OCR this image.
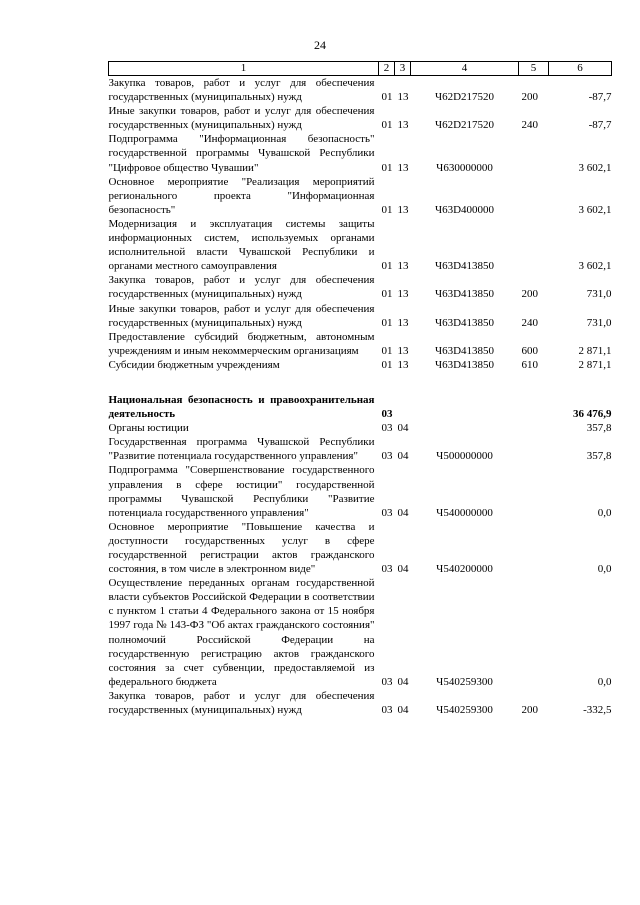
24
1	2	3	4	5	6
Закупка товаров, работ и услуг для обеспечения государственных (муниципальных) нужд	01	13	Ч62D217520	200	-87,7
Иные закупки товаров, работ и услуг для обеспечения государственных (муниципальных) нужд	01	13	Ч62D217520	240	-87,7
Подпрограмма "Информационная безопасность" государственной программы Чувашской Республики "Цифровое общество Чувашии"	01	13	Ч630000000		3 602,1
Основное мероприятие "Реализация мероприятий регионального проекта "Информационная безопасность"	01	13	Ч63D400000		3 602,1
Модернизация и эксплуатация системы защиты информационных систем, используемых органами исполнительной власти Чувашской Республики и органами местного самоуправления	01	13	Ч63D413850		3 602,1
Закупка товаров, работ и услуг для обеспечения государственных (муниципальных) нужд	01	13	Ч63D413850	200	731,0
Иные закупки товаров, работ и услуг для обеспечения государственных (муниципальных) нужд	01	13	Ч63D413850	240	731,0
Предоставление субсидий бюджетным, автономным учреждениям и иным некоммерческим организациям	01	13	Ч63D413850	600	2 871,1
Субсидии бюджетным учреждениям	01	13	Ч63D413850	610	2 871,1

Национальная безопасность и правоохранительная деятельность	03				36 476,9
Органы юстиции	03	04			357,8
Государственная программа Чувашской Республики "Развитие потенциала государственного управления"	03	04	Ч500000000		357,8
Подпрограмма "Совершенствование государственного управления в сфере юстиции" государственной программы Чувашской Республики "Развитие потенциала государственного управления"	03	04	Ч540000000		0,0
Основное мероприятие "Повышение качества и доступности государственных услуг в сфере государственной регистрации актов гражданского состояния, в том числе в электронном виде"	03	04	Ч540200000		0,0
Осуществление переданных органам государственной власти субъектов Российской Федерации в соответствии с пунктом 1 статьи 4 Федерального закона от 15 ноября 1997 года № 143-ФЗ "Об актах гражданского состояния" полномочий Российской Федерации на государственную регистрацию актов гражданского состояния за счет субвенции, предоставляемой из федерального бюджета	03	04	Ч540259300		0,0
Закупка товаров, работ и услуг для обеспечения государственных (муниципальных) нужд	03	04	Ч540259300	200	-332,5
